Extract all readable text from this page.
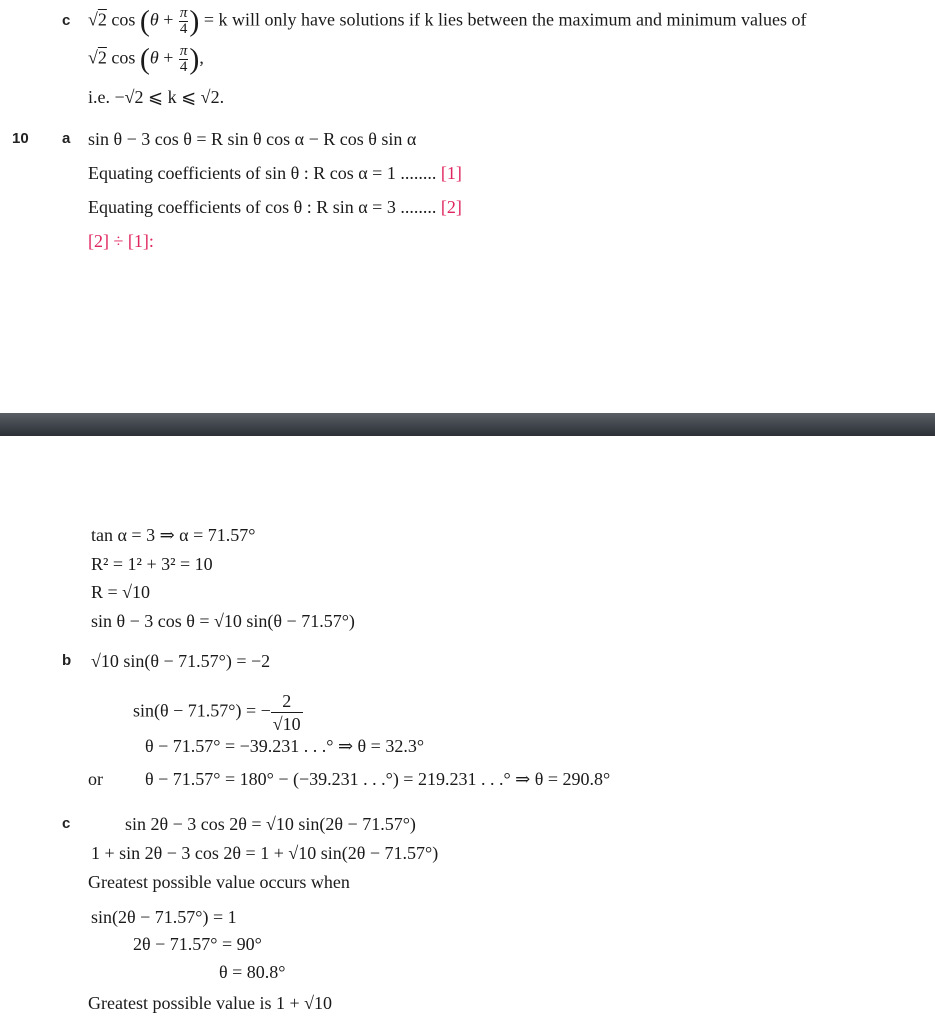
c √2 $\cos (\theta + \frac{\pi}{4}$ ) = k will only have solutions if k lies between the maximum and minimum values of
√2 $\cos (\theta + \frac{\pi}{4}$ ),
i.e. −√2 ⩽ k ⩽ √2.
10 a sin θ − 3 cos θ = R sin θ cos α − R cos θ sin α
Equating coefficients of sin θ : R cos α = 1 ........ [1]
Equating coefficients of cos θ : R sin α = 3 ........ [2]
[2] ÷ [1]:
tan α = 3 ⇒ α = 71.57°
R² = 1² + 3² = 10
R = √10
sin θ − 3 cos θ = √10 sin(θ − 71.57°)
b √10 sin(θ − 71.57°) = −2
sin(θ − 71.57°) = − $\frac{2}{√10}$
θ − 71.57° = −39.231 . . .° ⇒ θ = 32.3°
or θ − 71.57° = 180° − (−39.231 . . .°) = 219.231 . . .° ⇒ θ = 290.8°
c	sin 2θ − 3 cos 2θ = √10 sin(2θ − 71.57°)
1 + sin 2θ − 3 cos 2θ = 1 + √10 sin(2θ − 71.57°)
Greatest possible value occurs when
sin(2θ − 71.57°) = 1
2θ − 71.57° = 90°
θ = 80.8°
Greatest possible value is 1 + √10
